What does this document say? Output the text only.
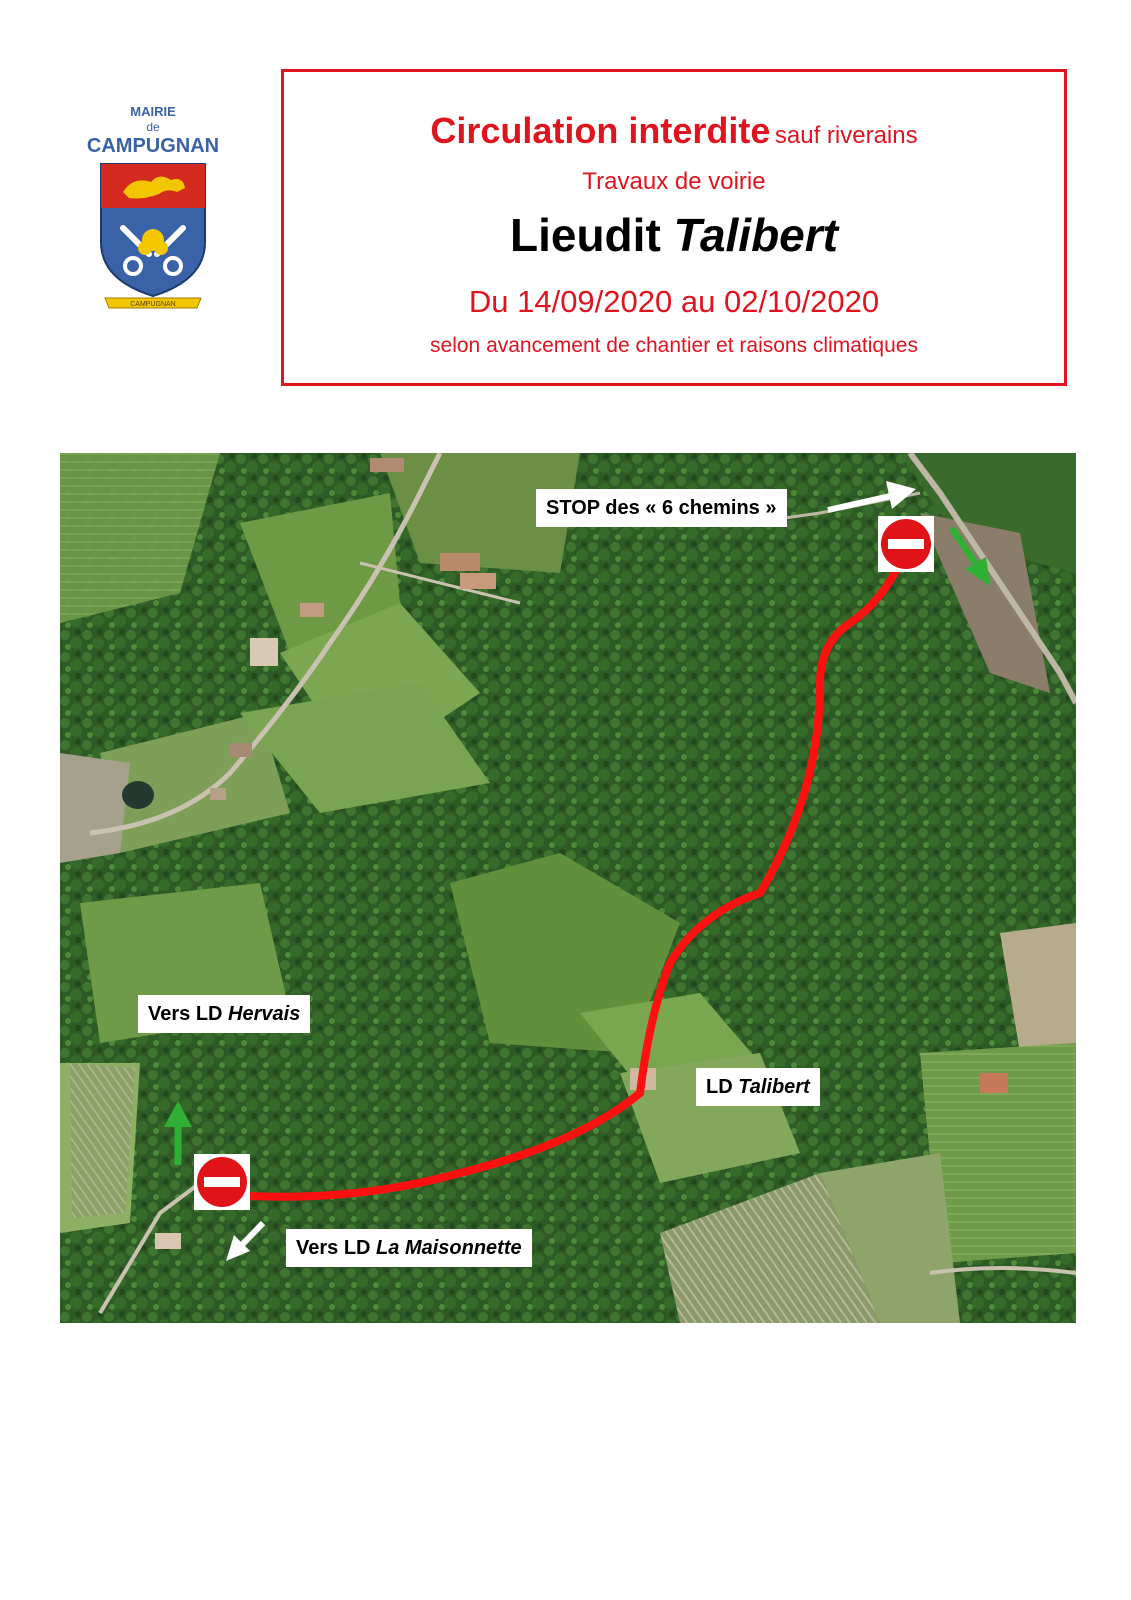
MAIRIE
de
CAMPUGNAN
CAMPUGNAN
Circulation interdite sauf riverains
Travaux de voirie
Lieudit Talibert
Du 14/09/2020 au 02/10/2020
selon avancement de chantier et raisons climatiques
STOP des « 6 chemins »
Vers LD Hervais
LD Talibert
Vers LD La Maisonnette
